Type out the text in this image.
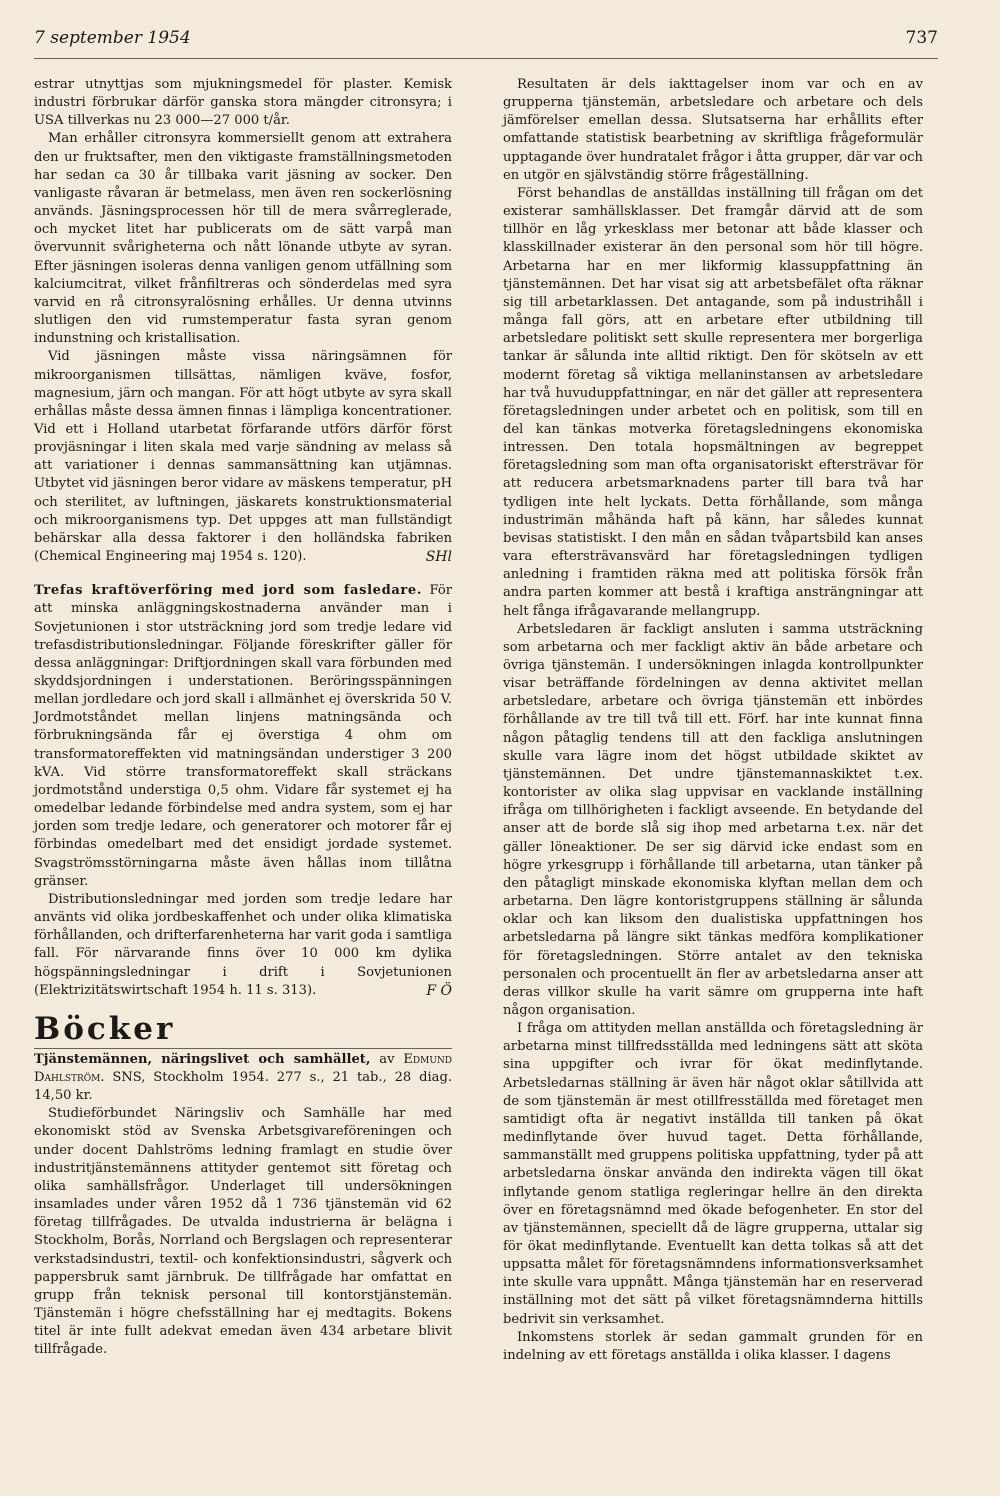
7 september 1954	737

estrar utnyttjas som mjukningsmedel för plaster. Kemisk industri förbrukar därför ganska stora mängder citronsyra; i USA tillverkas nu 23 000—27 000 t/år.

Man erhåller citronsyra kommersiellt genom att extrahera den ur fruktsafter, men den viktigaste framställningsmetoden har sedan ca 30 år tillbaka varit jäsning av socker. Den vanligaste råvaran är betmelass, men även ren sockerlösning används. Jäsningsprocessen hör till de mera svårreglerade, och mycket litet har publicerats om de sätt varpå man övervunnit svårigheterna och nått lönande utbyte av syran. Efter jäsningen isoleras denna vanligen genom utfällning som kalciumcitrat, vilket frånfiltreras och sönderdelas med syra varvid en rå citronsyralösning erhålles. Ur denna utvinns slutligen den vid rumstemperatur fasta syran genom indunstning och kristallisation.

Vid jäsningen måste vissa näringsämnen för mikroorganismen tillsättas, nämligen kväve, fosfor, magnesium, järn och mangan. För att högt utbyte av syra skall erhållas måste dessa ämnen finnas i lämpliga koncentrationer. Vid ett i Holland utarbetat förfarande utförs därför först provjäsningar i liten skala med varje sändning av melass så att variationer i dennas sammansättning kan utjämnas. Utbytet vid jäsningen beror vidare av mäskens temperatur, pH och sterilitet, av luftningen, jäskarets konstruktionsmaterial och mikroorganismens typ. Det uppges att man fullständigt behärskar alla dessa faktorer i den holländska fabriken (Chemical Engineering maj 1954 s. 120).	SHl

Trefas kraftöverföring med jord som fasledare. För att minska anläggningskostnaderna använder man i Sovjetunionen i stor utsträckning jord som tredje ledare vid trefasdistributionsledningar. Följande föreskrifter gäller för dessa anläggningar: Driftjordningen skall vara förbunden med skyddsjordningen i understationen. Beröringsspänningen mellan jordledare och jord skall i allmänhet ej överskrida 50 V. Jordmotståndet mellan linjens matningsända och förbrukningsända får ej överstiga 4 ohm om transformatoreffekten vid matningsändan understiger 3 200 kVA. Vid större transformatoreffekt skall sträckans jordmotstånd understiga 0,5 ohm. Vidare får systemet ej ha omedelbar ledande förbindelse med andra system, som ej har jorden som tredje ledare, och generatorer och motorer får ej förbindas omedelbart med det ensidigt jordade systemet. Svagströmsstörningarna måste även hållas inom tillåtna gränser.

Distributionsledningar med jorden som tredje ledare har använts vid olika jordbeskaffenhet och under olika klimatiska förhållanden, och drifterfarenheterna har varit goda i samtliga fall. För närvarande finns över 10 000 km dylika högspänningsledningar i drift i Sovjetunionen (Elektrizitätswirtschaft 1954 h. 11 s. 313).	F Ö

Böcker

Tjänstemännen, näringslivet och samhället, av Edmund Dahlström. SNS, Stockholm 1954. 277 s., 21 tab., 28 diag. 14,50 kr.

Studieförbundet Näringsliv och Samhälle har med ekonomiskt stöd av Svenska Arbetsgivareföreningen och under docent Dahlströms ledning framlagt en studie över industritjänstemännens attityder gentemot sitt företag och olika samhällsfrågor. Underlaget till undersökningen insamlades under våren 1952 då 1 736 tjänstemän vid 62 företag tillfrågades. De utvalda industrierna är belägna i Stockholm, Borås, Norrland och Bergslagen och representerar verkstadsindustri, textil- och konfektionsindustri, sågverk och pappersbruk samt järnbruk. De tillfrågade har omfattat en grupp från teknisk personal till kontorstjänstemän. Tjänstemän i högre chefsställning har ej medtagits. Bokens titel är inte fullt adekvat emedan även 434 arbetare blivit tillfrågade.

Resultaten är dels iakttagelser inom var och en av grupperna tjänstemän, arbetsledare och arbetare och dels jämförelser emellan dessa. Slutsatserna har erhållits efter omfattande statistisk bearbetning av skriftliga frågeformulär upptagande över hundratalet frågor i åtta grupper, där var och en utgör en självständig större frågeställning.

Först behandlas de anställdas inställning till frågan om det existerar samhällsklasser. Det framgår därvid att de som tillhör en låg yrkesklass mer betonar att både klasser och klasskillnader existerar än den personal som hör till högre. Arbetarna har en mer likformig klassuppfattning än tjänstemännen. Det har visat sig att arbetsbefälet ofta räknar sig till arbetarklassen. Det antagande, som på industrihåll i många fall görs, att en arbetare efter utbildning till arbetsledare politiskt sett skulle representera mer borgerliga tankar är sålunda inte alltid riktigt. Den för skötseln av ett modernt företag så viktiga mellaninstansen av arbetsledare har två huvuduppfattningar, en när det gäller att representera företagsledningen under arbetet och en politisk, som till en del kan tänkas motverka företagsledningens ekonomiska intressen. Den totala hopsmältningen av begreppet företagsledning som man ofta organisatoriskt eftersträvar för att reducera arbetsmarknadens parter till bara två har tydligen inte helt lyckats. Detta förhållande, som många industrimän måhända haft på känn, har således kunnat bevisas statistiskt. I den mån en sådan tvåpartsbild kan anses vara eftersträvansvärd har företagsledningen tydligen anledning i framtiden räkna med att politiska försök från andra parten kommer att bestå i kraftiga ansträngningar att helt fånga ifrågavarande mellangrupp.

Arbetsledaren är fackligt ansluten i samma utsträckning som arbetarna och mer fackligt aktiv än både arbetare och övriga tjänstemän. I undersökningen inlagda kontrollpunkter visar beträffande fördelningen av denna aktivitet mellan arbetsledare, arbetare och övriga tjänstemän ett inbördes förhållande av tre till två till ett. Förf. har inte kunnat finna någon påtaglig tendens till att den fackliga anslutningen skulle vara lägre inom det högst utbildade skiktet av tjänstemännen. Det undre tjänstemannaskiktet t.ex. kontorister av olika slag uppvisar en vacklande inställning ifråga om tillhörigheten i fackligt avseende. En betydande del anser att de borde slå sig ihop med arbetarna t.ex. när det gäller löneaktioner. De ser sig därvid icke endast som en högre yrkesgrupp i förhållande till arbetarna, utan tänker på den påtagligt minskade ekonomiska klyftan mellan dem och arbetarna. Den lägre kontoristgruppens ställning är sålunda oklar och kan liksom den dualistiska uppfattningen hos arbetsledarna på längre sikt tänkas medföra komplikationer för företagsledningen. Större antalet av den tekniska personalen och procentuellt än fler av arbetsledarna anser att deras villkor skulle ha varit sämre om grupperna inte haft någon organisation.

I fråga om attityden mellan anställda och företagsledning är arbetarna minst tillfredsställda med ledningens sätt att sköta sina uppgifter och ivrar för ökat medinflytande. Arbetsledarnas ställning är även här något oklar såtillvida att de som tjänstemän är mest otillfresställda med företaget men samtidigt ofta är negativt inställda till tanken på ökat medinflytande över huvud taget. Detta förhållande, sammanställt med gruppens politiska uppfattning, tyder på att arbetsledarna önskar använda den indirekta vägen till ökat inflytande genom statliga regleringar hellre än den direkta över en företagsnämnd med ökade befogenheter. En stor del av tjänstemännen, speciellt då de lägre grupperna, uttalar sig för ökat medinflytande. Eventuellt kan detta tolkas så att det uppsatta målet för företagsnämndens informationsverksamhet inte skulle vara uppnått. Många tjänstemän har en reserverad inställning mot det sätt på vilket företagsnämnderna hittills bedrivit sin verksamhet.

Inkomstens storlek är sedan gammalt grunden för en indelning av ett företags anställda i olika klasser. I dagens
